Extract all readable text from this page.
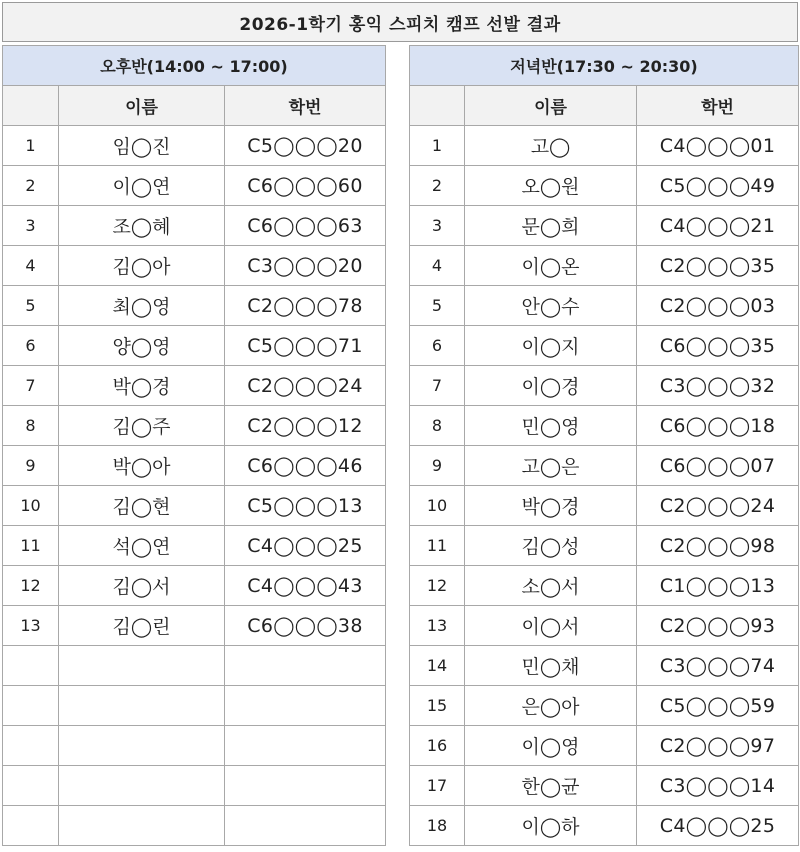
2026-1학기 홍익 스피치 캠프 선발 결과
오후반(14:00 ~ 17:00)		
	이름	학번
1	임◯진	C5◯◯◯20
2	이◯연	C6◯◯◯60
3	조◯혜	C6◯◯◯63
4	김◯아	C3◯◯◯20
5	최◯영	C2◯◯◯78
6	양◯영	C5◯◯◯71
7	박◯경	C2◯◯◯24
8	김◯주	C2◯◯◯12
9	박◯아	C6◯◯◯46
10	김◯현	C5◯◯◯13
11	석◯연	C4◯◯◯25
12	김◯서	C4◯◯◯43
13	김◯린	C6◯◯◯38

저녁반(17:30 ~ 20:30)		
	이름	학번
1	고◯	C4◯◯◯01
2	오◯원	C5◯◯◯49
3	문◯희	C4◯◯◯21
4	이◯온	C2◯◯◯35
5	안◯수	C2◯◯◯03
6	이◯지	C6◯◯◯35
7	이◯경	C3◯◯◯32
8	민◯영	C6◯◯◯18
9	고◯은	C6◯◯◯07
10	박◯경	C2◯◯◯24
11	김◯성	C2◯◯◯98
12	소◯서	C1◯◯◯13
13	이◯서	C2◯◯◯93
14	민◯채	C3◯◯◯74
15	은◯아	C5◯◯◯59
16	이◯영	C2◯◯◯97
17	한◯균	C3◯◯◯14
18	이◯하	C4◯◯◯25
